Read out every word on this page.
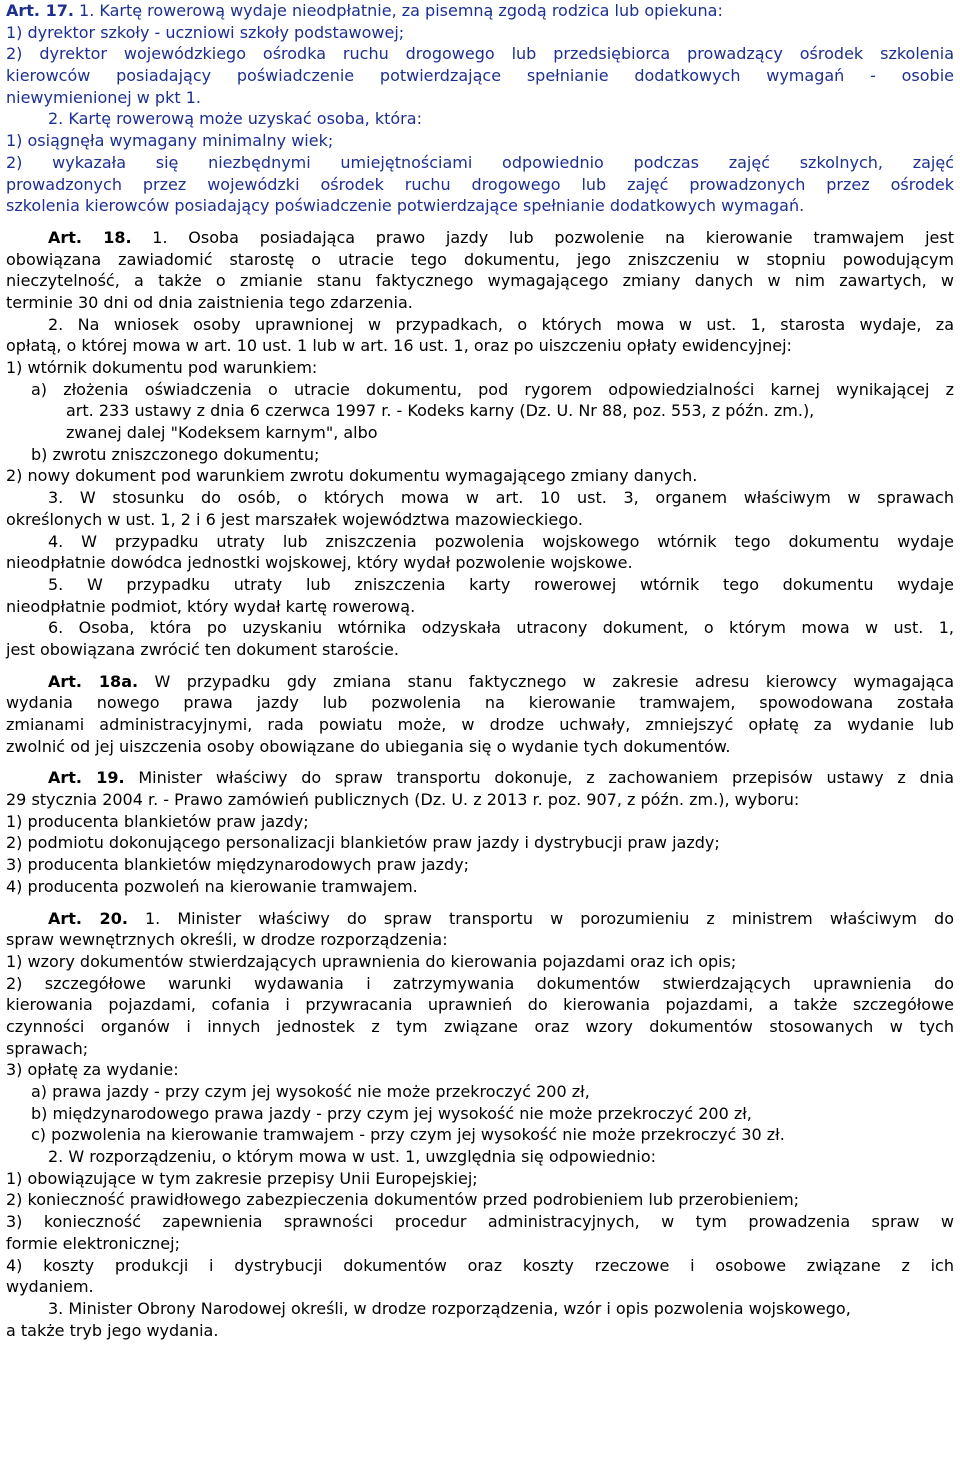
Art. 17. 1. Kartę rowerową wydaje nieodpłatnie, za pisemną zgodą rodzica lub opiekuna:
1) dyrektor szkoły - uczniowi szkoły podstawowej;
2) dyrektor wojewódzkiego ośrodka ruchu drogowego lub przedsiębiorca prowadzący ośrodek szkolenia
kierowców posiadający poświadczenie potwierdzające spełnianie dodatkowych wymagań - osobie
niewymienionej w pkt 1.
2. Kartę rowerową może uzyskać osoba, która:
1) osiągnęła wymagany minimalny wiek;
2) wykazała się niezbędnymi umiejętnościami odpowiednio podczas zajęć szkolnych, zajęć
prowadzonych przez wojewódzki ośrodek ruchu drogowego lub zajęć prowadzonych przez ośrodek
szkolenia kierowców posiadający poświadczenie potwierdzające spełnianie dodatkowych wymagań.
Art. 18. 1. Osoba posiadająca prawo jazdy lub pozwolenie na kierowanie tramwajem jest
obowiązana zawiadomić starostę o utracie tego dokumentu, jego zniszczeniu w stopniu powodującym
nieczytelność, a także o zmianie stanu faktycznego wymagającego zmiany danych w nim zawartych, w
terminie 30 dni od dnia zaistnienia tego zdarzenia.
2. Na wniosek osoby uprawnionej w przypadkach, o których mowa w ust. 1, starosta wydaje, za
opłatą, o której mowa w art. 10 ust. 1 lub w art. 16 ust. 1, oraz po uiszczeniu opłaty ewidencyjnej:
1) wtórnik dokumentu pod warunkiem:
a) złożenia oświadczenia o utracie dokumentu, pod rygorem odpowiedzialności karnej wynikającej z
art. 233 ustawy z dnia 6 czerwca 1997 r. - Kodeks karny (Dz. U. Nr 88, poz. 553, z późn. zm.),
zwanej dalej "Kodeksem karnym", albo
b) zwrotu zniszczonego dokumentu;
2) nowy dokument pod warunkiem zwrotu dokumentu wymagającego zmiany danych.
3. W stosunku do osób, o których mowa w art. 10 ust. 3, organem właściwym w sprawach
określonych w ust. 1, 2 i 6 jest marszałek województwa mazowieckiego.
4. W przypadku utraty lub zniszczenia pozwolenia wojskowego wtórnik tego dokumentu wydaje
nieodpłatnie dowódca jednostki wojskowej, który wydał pozwolenie wojskowe.
5. W przypadku utraty lub zniszczenia karty rowerowej wtórnik tego dokumentu wydaje
nieodpłatnie podmiot, który wydał kartę rowerową.
6. Osoba, która po uzyskaniu wtórnika odzyskała utracony dokument, o którym mowa w ust. 1,
jest obowiązana zwrócić ten dokument staroście.
Art. 18a. W przypadku gdy zmiana stanu faktycznego w zakresie adresu kierowcy wymagająca
wydania nowego prawa jazdy lub pozwolenia na kierowanie tramwajem, spowodowana została
zmianami administracyjnymi, rada powiatu może, w drodze uchwały, zmniejszyć opłatę za wydanie lub
zwolnić od jej uiszczenia osoby obowiązane do ubiegania się o wydanie tych dokumentów.
Art. 19. Minister właściwy do spraw transportu dokonuje, z zachowaniem przepisów ustawy z dnia
29 stycznia 2004 r. - Prawo zamówień publicznych (Dz. U. z 2013 r. poz. 907, z późn. zm.), wyboru:
1) producenta blankietów praw jazdy;
2) podmiotu dokonującego personalizacji blankietów praw jazdy i dystrybucji praw jazdy;
3) producenta blankietów międzynarodowych praw jazdy;
4) producenta pozwoleń na kierowanie tramwajem.
Art. 20. 1. Minister właściwy do spraw transportu w porozumieniu z ministrem właściwym do
spraw wewnętrznych określi, w drodze rozporządzenia:
1) wzory dokumentów stwierdzających uprawnienia do kierowania pojazdami oraz ich opis;
2) szczegółowe warunki wydawania i zatrzymywania dokumentów stwierdzających uprawnienia do
kierowania pojazdami, cofania i przywracania uprawnień do kierowania pojazdami, a także szczegółowe
czynności organów i innych jednostek z tym związane oraz wzory dokumentów stosowanych w tych
sprawach;
3) opłatę za wydanie:
a) prawa jazdy - przy czym jej wysokość nie może przekroczyć 200 zł,
b) międzynarodowego prawa jazdy - przy czym jej wysokość nie może przekroczyć 200 zł,
c) pozwolenia na kierowanie tramwajem - przy czym jej wysokość nie może przekroczyć 30 zł.
2. W rozporządzeniu, o którym mowa w ust. 1, uwzględnia się odpowiednio:
1) obowiązujące w tym zakresie przepisy Unii Europejskiej;
2) konieczność prawidłowego zabezpieczenia dokumentów przed podrobieniem lub przerobieniem;
3) konieczność zapewnienia sprawności procedur administracyjnych, w tym prowadzenia spraw w
formie elektronicznej;
4) koszty produkcji i dystrybucji dokumentów oraz koszty rzeczowe i osobowe związane z ich
wydaniem.
3. Minister Obrony Narodowej określi, w drodze rozporządzenia, wzór i opis pozwolenia wojskowego,
a także tryb jego wydania.
